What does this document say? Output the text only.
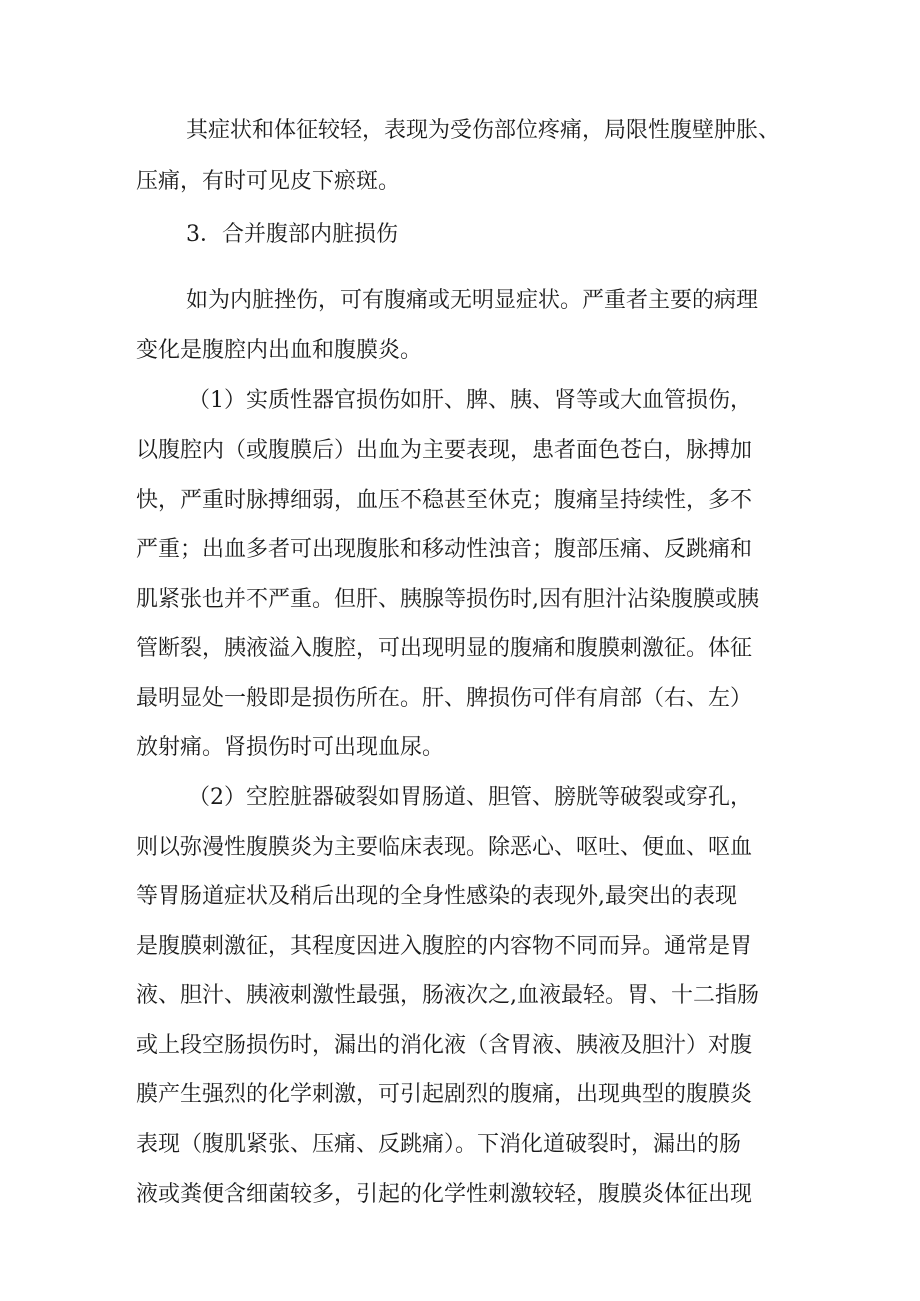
其症状和体征较轻，表现为受伤部位疼痛，局限性腹壁肿胀、
压痛，有时可见皮下瘀斑。
3．合并腹部内脏损伤
如为内脏挫伤，可有腹痛或无明显症状。严重者主要的病理
变化是腹腔内出血和腹膜炎。
（1）实质性器官损伤如肝、脾、胰、肾等或大血管损伤，
以腹腔内（或腹膜后）出血为主要表现，患者面色苍白，脉搏加
快，严重时脉搏细弱，血压不稳甚至休克；腹痛呈持续性，多不
严重；出血多者可出现腹胀和移动性浊音；腹部压痛、反跳痛和
肌紧张也并不严重。但肝、胰腺等损伤时,因有胆汁沾染腹膜或胰
管断裂，胰液溢入腹腔，可出现明显的腹痛和腹膜刺激征。体征
最明显处一般即是损伤所在。肝、脾损伤可伴有肩部（右、左）
放射痛。肾损伤时可出现血尿。
（2）空腔脏器破裂如胃肠道、胆管、膀胱等破裂或穿孔，
则以弥漫性腹膜炎为主要临床表现。除恶心、呕吐、便血、呕血
等胃肠道症状及稍后出现的全身性感染的表现外,最突出的表现
是腹膜刺激征，其程度因进入腹腔的内容物不同而异。通常是胃
液、胆汁、胰液刺激性最强，肠液次之,血液最轻。胃、十二指肠
或上段空肠损伤时，漏出的消化液（含胃液、胰液及胆汁）对腹
膜产生强烈的化学刺激，可引起剧烈的腹痛，出现典型的腹膜炎
表现（腹肌紧张、压痛、反跳痛）。下消化道破裂时，漏出的肠
液或粪便含细菌较多，引起的化学性刺激较轻，腹膜炎体征出现
